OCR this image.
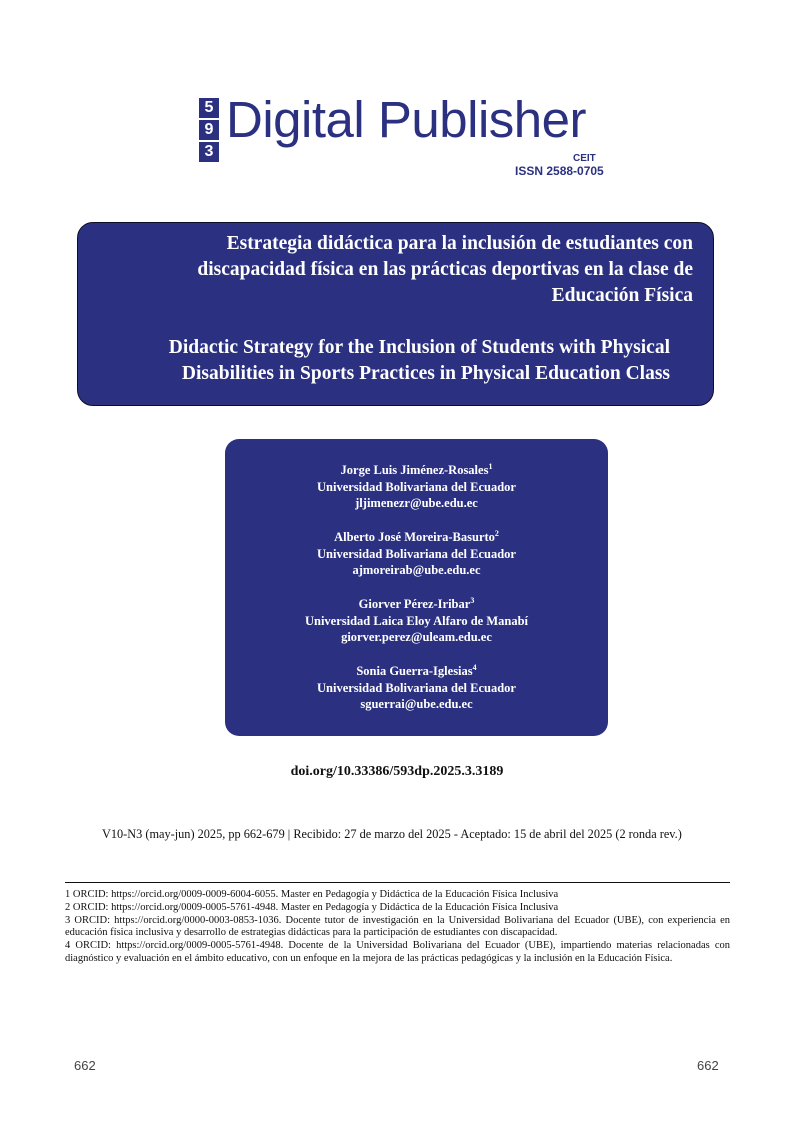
5
9
3
Digital Publisher
CEIT
ISSN 2588-0705
Estrategia didáctica para la inclusión de estudiantes con
discapacidad física en las prácticas deportivas en la clase de
Educación Física
Didactic Strategy for the Inclusion of Students with Physical
Disabilities in Sports Practices in Physical Education Class
Jorge Luis Jiménez-Rosales$^1$
Universidad Bolivariana del Ecuador
jljimenezr@ube.edu.ec
Alberto José Moreira-Basurto$^2$
Universidad Bolivariana del Ecuador
ajmoreirab@ube.edu.ec
Giorver Pérez-Iribar$^3$
Universidad Laica Eloy Alfaro de Manabí
giorver.perez@uleam.edu.ec
Sonia Guerra-Iglesias$^4$
Universidad Bolivariana del Ecuador
sguerrai@ube.edu.ec
doi.org/10.33386/593dp.2025.3.3189
V10-N3 (may-jun) 2025, pp 662-679 | Recibido: 27 de marzo del 2025 - Aceptado: 15 de abril del 2025 (2 ronda rev.)
1 ORCID: https://orcid.org/0009-0009-6004-6055. Master en Pedagogía y Didáctica de la Educación Física Inclusiva
2 ORCID: https://orcid.org/0009-0005-5761-4948. Master en Pedagogía y Didáctica de la Educación Física Inclusiva
3 ORCID: https://orcid.org/0000-0003-0853-1036. Docente tutor de investigación en la Universidad Bolivariana del Ecuador (UBE), con experiencia en educación física inclusiva y desarrollo de estrategias didácticas para la participación de estudiantes con discapacidad.
4 ORCID: https://orcid.org/0009-0005-5761-4948. Docente de la Universidad Bolivariana del Ecuador (UBE), impartiendo materias relacionadas con diagnóstico y evaluación en el ámbito educativo, con un enfoque en la mejora de las prácticas pedagógicas y la inclusión en la Educación Física.
662	662
